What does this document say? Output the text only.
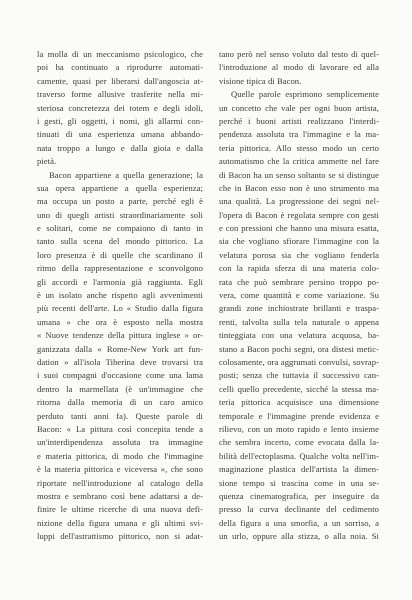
la molla di un meccanismo psicologico, che
poi ha continuato a riprodurre automati-
camente, quasi per liberarsi dall'angoscia at-
traverso forme allusive trasferite nella mi-
steriosa concretezza dei totem e degli idoli,
i gesti, gli oggetti, i nomi, gli allarmi con-
tinuati di una esperienza umana abbando-
nata troppo a lungo e dalla gioia e dalla
pietà.
Bacon appartiene a quella generazione; la
sua opera appartiene a quella esperienza;
ma occupa un posto a parte, perché egli è
uno di quegli artisti straordinariamente soli
e solitari, come ne compaiono di tanto in
tanto sulla scena del mondo pittorico. La
loro presenza è di quelle che scardinano il
ritmo della rappresentazione e sconvolgono
gli accordi e l'armonia già raggiunta. Egli
è un isolato anche rispetto agli avvenimenti
più recenti dell'arte. Lo « Studio dalla figura
umana » che ora è esposto nella mostra
« Nuove tendenze della pittura inglese » or-
ganizzata dalla « Rome-New York art fun-
dation » all'isola Tiberina deve trovarsi tra
i suoi compagni d'occasione come una lama
dentro la marmellata (è un'immagine che
ritorna dalla memoria di un caro amico
perduto tanti anni fa). Queste parole di
Bacon: « La pittura così concepita tende a
un'interdipendenza assoluta tra immagine
e materia pittorica, di modo che l'immagine
è la materia pittorica e viceversa », che sono
riportate nell'introduzione al catalogo della
mostra e sembrano così bene adattarsi a de-
finire le ultime ricerche di una nuova defi-
nizione della figura umana e gli ultimi svi-
luppi dell'astrattismo pittorico, non si adat-
tano però nel senso voluto dal testo di quel-
l'introduzione al modo di lavorare ed alla
visione tipica di Bacon.
Quelle parole esprimono semplicemente
un concetto che vale per ogni buon artista,
perché i buoni artisti realizzano l'interdi-
pendenza assoluta tra l'immagine e la ma-
teria pittorica. Allo stesso modo un certo
automatismo che la critica ammette nel fare
di Bacon ha un senso soltanto se si distingue
che in Bacon esso non è uno strumento ma
una qualità. La progressione dei segni nel-
l'opera di Bacon è regolata sempre con gesti
e con pressioni che hanno una misura esatta,
sia che vogliano sfiorare l'immagine con la
velatura porosa sia che vogliano fenderla
con la rapida sferza di una materia colo-
rata che può sembrare persino troppo po-
vera, come quantità e come variazione. Su
grandi zone inchiostrate brillanti e traspa-
renti, talvolta sulla tela naturale o appena
tinteggiata con una velatura acquosa, ba-
stano a Bacon pochi segni, ora distesi metic-
colosamente, ora aggrumati convulsi, sovrap-
posti; senza che tuttavia il successivo can-
celli quello precedente, sicché la stessa ma-
teria pittorica acquisisce una dimensione
temporale e l'immagine prende evidenza e
rilievo, con un moto rapido e lento insieme
che sembra incerto, come evocata dalla la-
bilità dell'ectoplasma. Qualche volta nell'im-
maginazione plastica dell'artista la dimen-
sione tempo si trascina come in una se-
quenza cinematografica, per inseguire da
presso la curva declinante del cedimento
della figura a una smorfia, a un sorriso, a
un urlo, oppure alla stizza, o alla noia. Si
